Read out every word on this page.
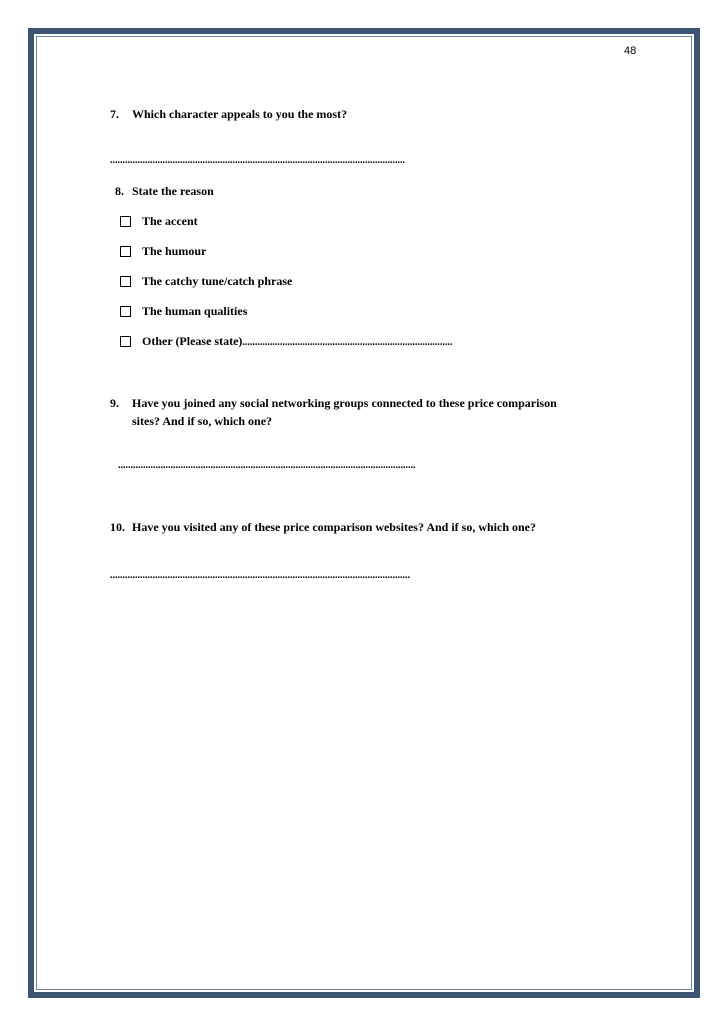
48
7. Which character appeals to you the most?
......................................................................................................................
8. State the reason
The accent
The humour
The catchy tune/catch phrase
The human qualities
Other (Please state)....................................................................................
9. Have you joined any social networking groups connected to these price comparison
sites? And if so, which one?
.......................................................................................................................
10. Have you visited any of these price comparison websites? And if so, which one?
........................................................................................................................
